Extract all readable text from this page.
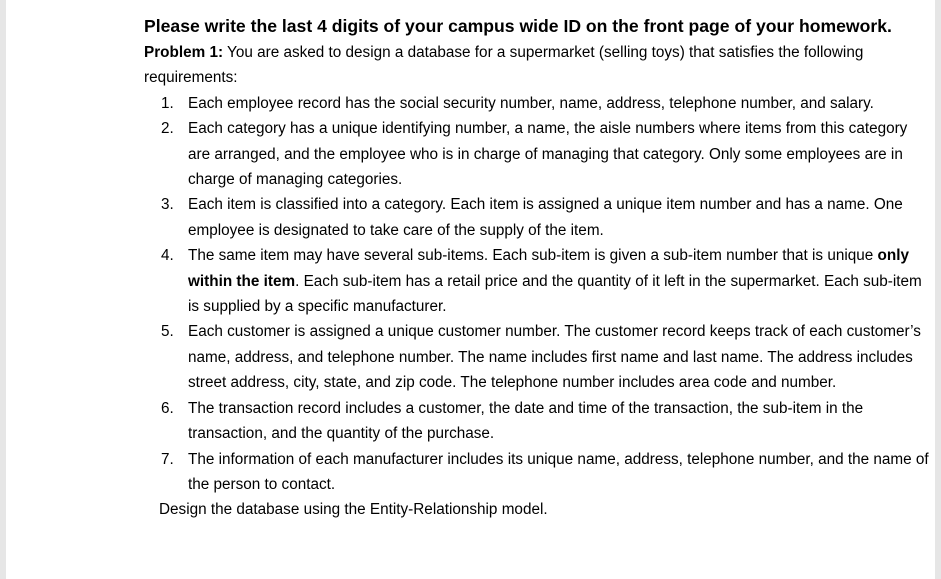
Please write the last 4 digits of your campus wide ID on the front page of your homework.

Problem 1: You are asked to design a database for a supermarket (selling toys) that satisfies the following requirements:

1. Each employee record has the social security number, name, address, telephone number, and salary.
2. Each category has a unique identifying number, a name, the aisle numbers where items from this category are arranged, and the employee who is in charge of managing that category. Only some employees are in charge of managing categories.
3. Each item is classified into a category. Each item is assigned a unique item number and has a name. One employee is designated to take care of the supply of the item.
4. The same item may have several sub-items. Each sub-item is given a sub-item number that is unique only within the item. Each sub-item has a retail price and the quantity of it left in the supermarket. Each sub-item is supplied by a specific manufacturer.
5. Each customer is assigned a unique customer number. The customer record keeps track of each customer’s name, address, and telephone number. The name includes first name and last name. The address includes street address, city, state, and zip code. The telephone number includes area code and number.
6. The transaction record includes a customer, the date and time of the transaction, the sub-item in the transaction, and the quantity of the purchase.
7. The information of each manufacturer includes its unique name, address, telephone number, and the name of the person to contact.

Design the database using the Entity-Relationship model.
